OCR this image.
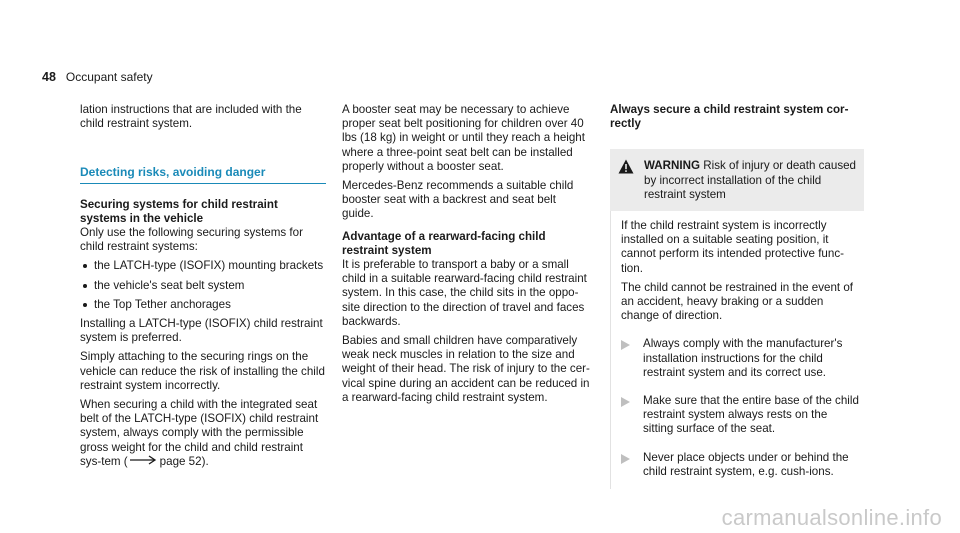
48 Occupant safety

lation instructions that are included with the child restraint system.

Detecting risks, avoiding danger
Securing systems for child restraint systems in the vehicle

Only use the following securing systems for child restraint systems:

the LATCH-type (ISOFIX) mounting brackets
the vehicle's seat belt system
the Top Tether anchorages

Installing a LATCH-type (ISOFIX) child restraint system is preferred.

Simply attaching to the securing rings on the vehicle can reduce the risk of installing the child restraint system incorrectly.

When securing a child with the integrated seat belt of the LATCH-type (ISOFIX) child restraint system, always comply with the permissible gross weight for the child and child restraint sys-tem (	page 52).

A booster seat may be necessary to achieve proper seat belt positioning for children over 40 lbs (18 kg) in weight or until they reach a height where a three-point seat belt can be installed properly without a booster seat.

Mercedes-Benz recommends a suitable child booster seat with a backrest and seat belt guide.

Advantage of a rearward-facing child restraint system

It is preferable to transport a baby or a small child in a suitable rearward-facing child restraint system. In this case, the child sits in the oppo-site direction to the direction of travel and faces backwards.

Babies and small children have comparatively weak neck muscles in relation to the size and weight of their head. The risk of injury to the cer-vical spine during an accident can be reduced in a rearward-facing child restraint system.

Always secure a child restraint system cor-rectly
WARNING Risk of injury or death caused by incorrect installation of the child restraint system

If the child restraint system is incorrectly installed on a suitable seating position, it cannot perform its intended protective func-tion.

The child cannot be restrained in the event of an accident, heavy braking or a sudden change of direction.

Always comply with the manufacturer's installation instructions for the child restraint system and its correct use.
Make sure that the entire base of the child restraint system always rests on the sitting surface of the seat.
Never place objects under or behind the child restraint system, e.g. cush-ions.
carmanualsonline.info
